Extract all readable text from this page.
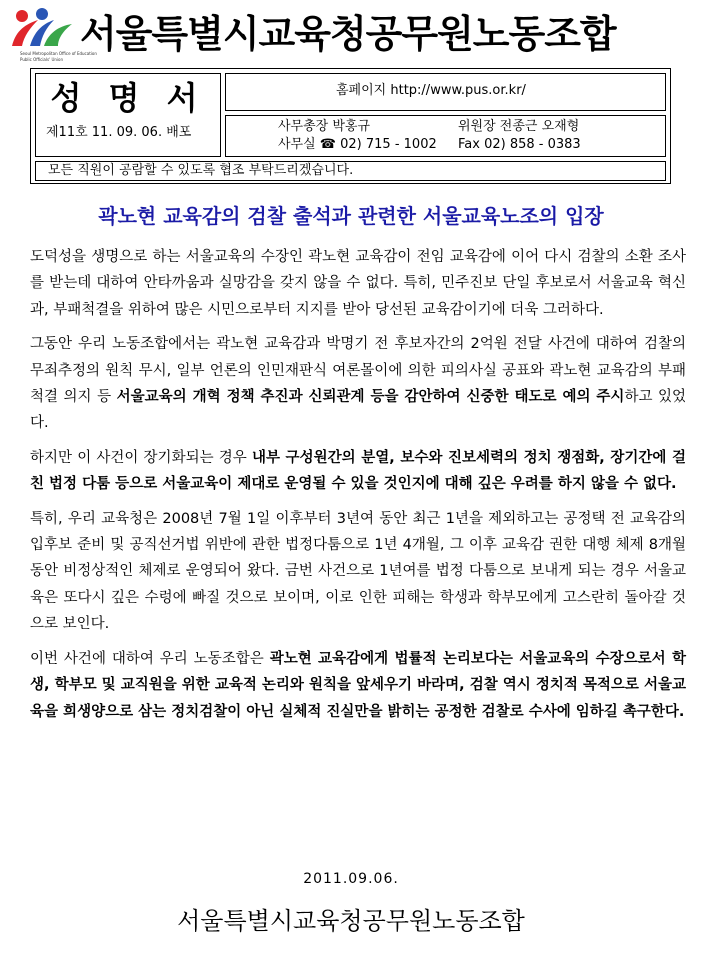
Seoul Metropolitan Office of Education
Public Officials' Union
서울특별시교육청공무원노동조합
성 명 서
제11호 11. 09. 06. 배포
홈페이지 http://www.pus.or.kr/
사무총장 박홍규	위원장 전종근 오재형
사무실 ☎ 02) 715 - 1002 Fax 02) 858 - 0383
모든 직원이 공람할 수 있도록 협조 부탁드리겠습니다.
곽노현 교육감의 검찰 출석과 관련한 서울교육노조의 입장

도덕성을 생명으로 하는 서울교육의 수장인 곽노현 교육감이 전임 교육감에 이어 다시 검찰의 소환 조사를 받는데 대하여 안타까움과 실망감을 갖지 않을 수 없다. 특히, 민주진보 단일 후보로서 서울교육 혁신과, 부패척결을 위하여 많은 시민으로부터 지지를 받아 당선된 교육감이기에 더욱 그러하다.

그동안 우리 노동조합에서는 곽노현 교육감과 박명기 전 후보자간의 2억원 전달 사건에 대하여 검찰의 무죄추정의 원칙 무시, 일부 언론의 인민재판식 여론몰이에 의한 피의사실 공표와 곽노현 교육감의 부패척결 의지 등 서울교육의 개혁 정책 추진과 신뢰관계 등을 감안하여 신중한 태도로 예의 주시하고 있었다.

하지만 이 사건이 장기화되는 경우 내부 구성원간의 분열, 보수와 진보세력의 정치 쟁점화, 장기간에 걸친 법정 다툼 등으로 서울교육이 제대로 운영될 수 있을 것인지에 대해 깊은 우려를 하지 않을 수 없다.

특히, 우리 교육청은 2008년 7월 1일 이후부터 3년여 동안 최근 1년을 제외하고는 공정택 전 교육감의 입후보 준비 및 공직선거법 위반에 관한 법정다툼으로 1년 4개월, 그 이후 교육감 권한 대행 체제 8개월 동안 비정상적인 체제로 운영되어 왔다. 금번 사건으로 1년여를 법정 다툼으로 보내게 되는 경우 서울교육은 또다시 깊은 수렁에 빠질 것으로 보이며, 이로 인한 피해는 학생과 학부모에게 고스란히 돌아갈 것으로 보인다.

이번 사건에 대하여 우리 노동조합은 곽노현 교육감에게 법률적 논리보다는 서울교육의 수장으로서 학생, 학부모 및 교직원을 위한 교육적 논리와 원칙을 앞세우기 바라며, 검찰 역시 정치적 목적으로 서울교육을 희생양으로 삼는 정치검찰이 아닌 실체적 진실만을 밝히는 공정한 검찰로 수사에 임하길 촉구한다.

2011.09.06.
서울특별시교육청공무원노동조합
